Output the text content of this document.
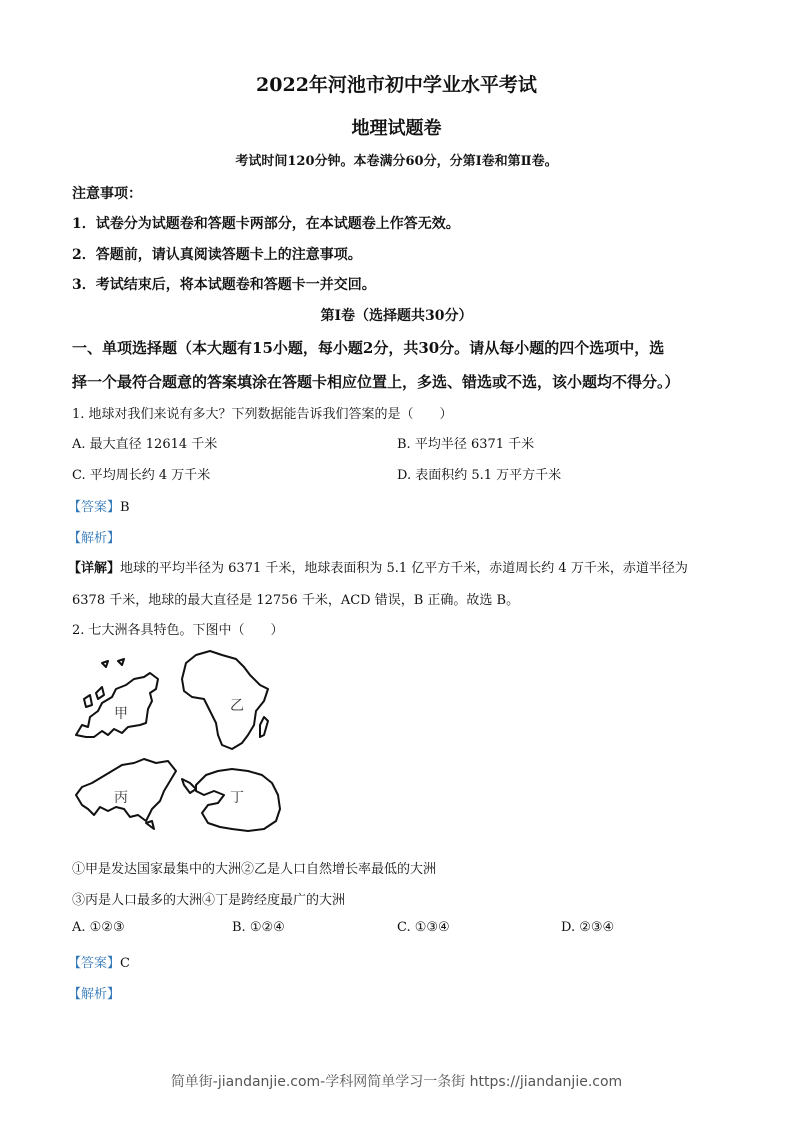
2022年河池市初中学业水平考试
地理试题卷
考试时间120分钟。本卷满分60分，分第Ⅰ卷和第Ⅱ卷。
注意事项：
1．试卷分为试题卷和答题卡两部分，在本试题卷上作答无效。
2．答题前，请认真阅读答题卡上的注意事项。
3．考试结束后，将本试题卷和答题卡一并交回。
第Ⅰ卷（选择题共30分）
一、单项选择题（本大题有15小题，每小题2分，共30分。请从每小题的四个选项中，选
择一个最符合题意的答案填涂在答题卡相应位置上，多选、错选或不选，该小题均不得分。）
1. 地球对我们来说有多大？下列数据能告诉我们答案的是（　　）
A. 最大直径 12614 千米	B. 平均半径 6371 千米
C. 平均周长约 4 万千米	D. 表面积约 5.1 万平方千米
【答案】B
【解析】
【详解】地球的平均半径为 6371 千米，地球表面积为 5.1 亿平方千米，赤道周长约 4 万千米，赤道半径为
6378 千米，地球的最大直径是 12756 千米，ACD 错误，B 正确。故选 B。
2. 七大洲各具特色。下图中（　　）
甲	乙
丙	丁
①甲是发达国家最集中的大洲②乙是人口自然增长率最低的大洲
③丙是人口最多的大洲④丁是跨经度最广的大洲
A. ①②③	B. ①②④	C. ①③④	D. ②③④
【答案】C
【解析】
简单街-jiandanjie.com-学科网简单学习一条街 https://jiandanjie.com
